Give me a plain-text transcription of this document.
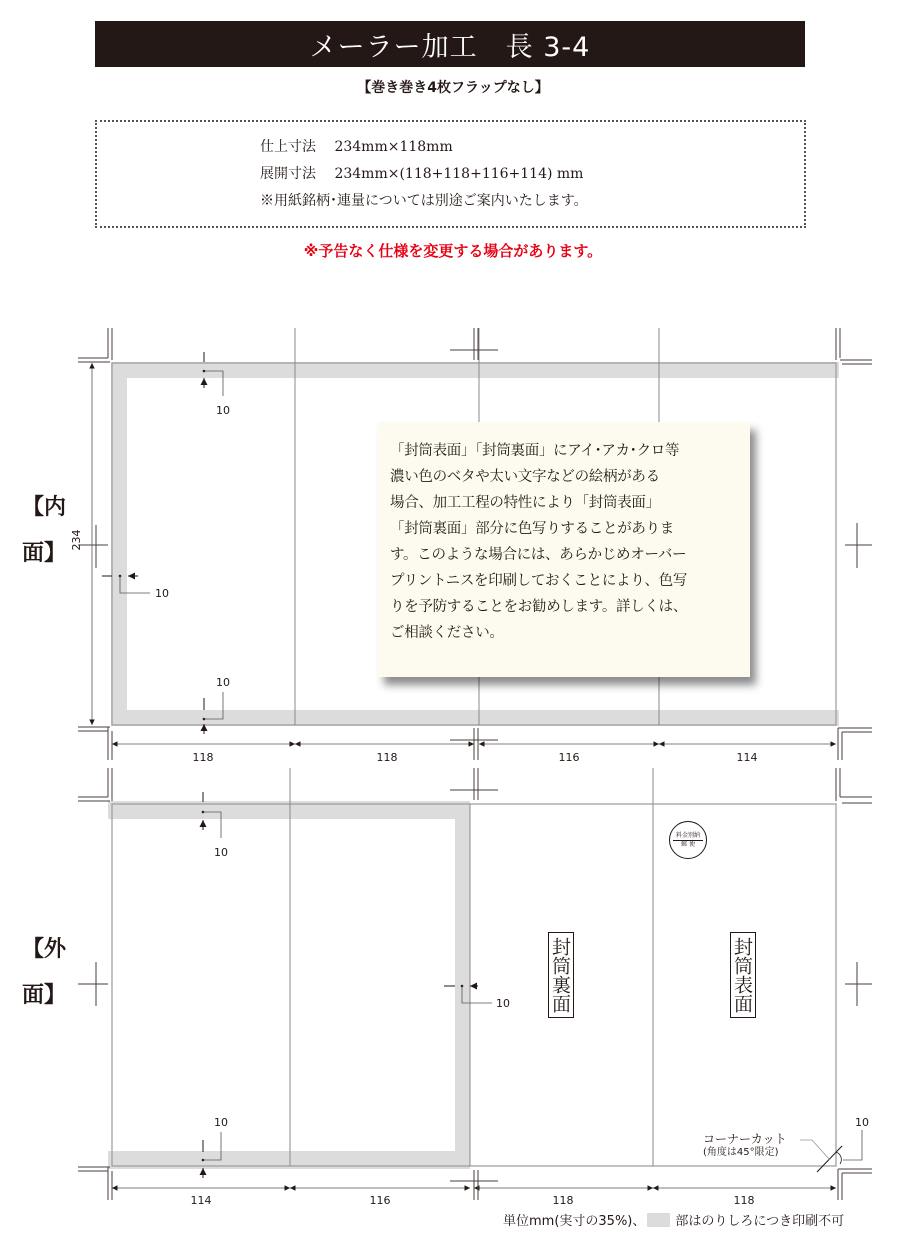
メーラー加工　長 3-4
【巻き巻き4枚フラップなし】
仕上寸法 234mm×118mm
展開寸法 234mm×(118+118+116+114) mm
※用紙銘柄･連量については別途ご案内いたします。
※予告なく仕様を変更する場合があります。
234
118	118	116	114
10
10
10
114	116	118	118
10
10
10
10
【内
面】
【外
面】

「封筒表面」「封筒裏面」にアイ･アカ･クロ等

濃い色のベタや太い文字などの絵柄がある

場合、加工工程の特性により「封筒表面」

「封筒裏面」部分に色写りすることがありま

す。このような場合には、あらかじめオーバー

プリントニスを印刷しておくことにより、色写

りを予防することをお勧めします。詳しくは、

ご相談ください。

封筒裏面	封筒表面
料金別納
郵 便
コーナーカット
(角度は45°限定)
単位mm(実寸の35%)、 部はのりしろにつき印刷不可
